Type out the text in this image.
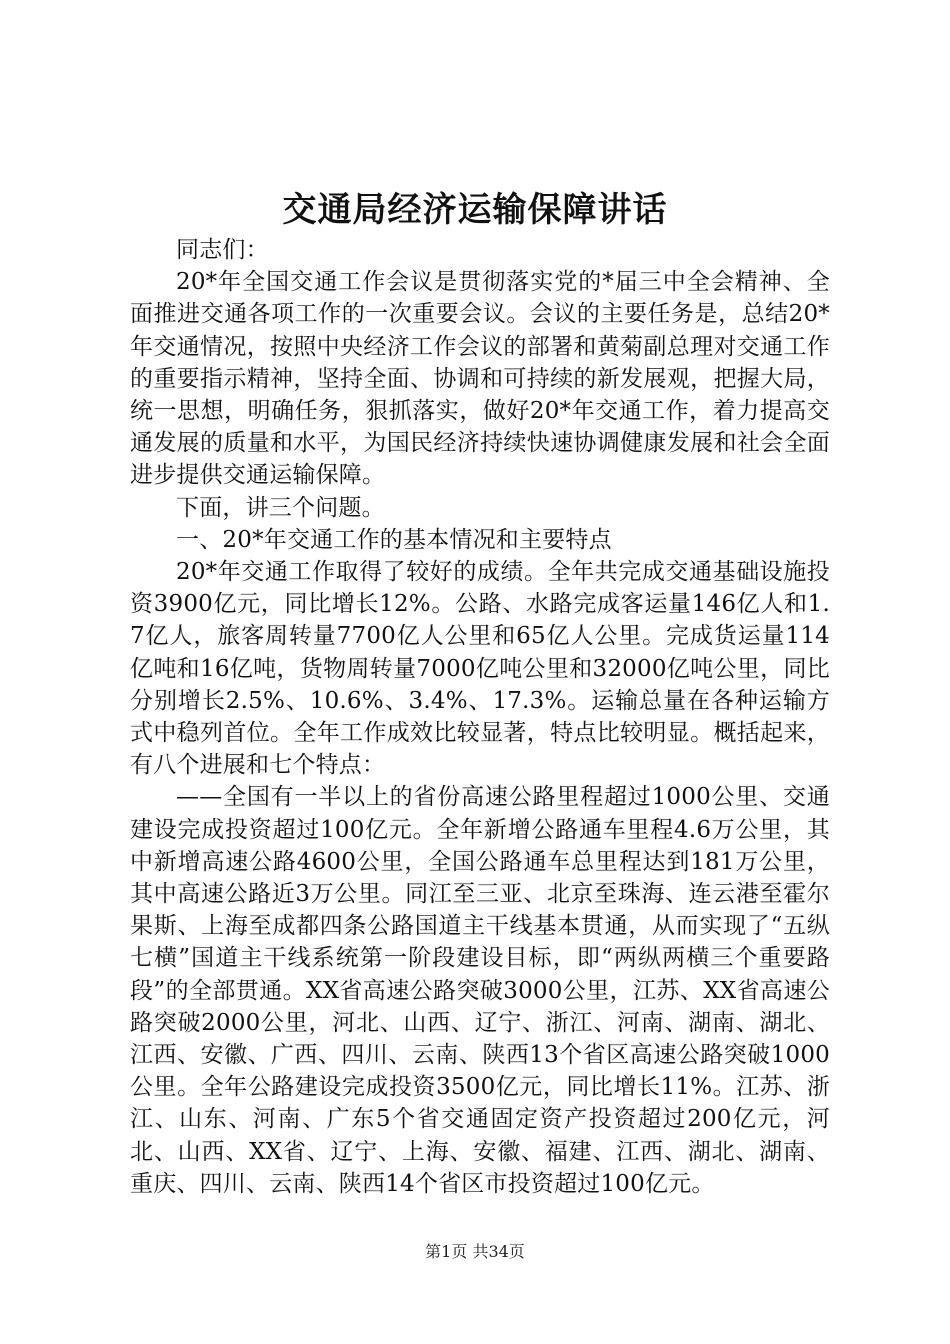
交通局经济运输保障讲话

同志们：

20*年全国交通工作会议是贯彻落实党的*届三中全会精神、全面推进交通各项工作的一次重要会议。会议的主要任务是，总结20*年交通情况，按照中央经济工作会议的部署和黄菊副总理对交通工作的重要指示精神，坚持全面、协调和可持续的新发展观，把握大局，统一思想，明确任务，狠抓落实，做好20*年交通工作，着力提高交通发展的质量和水平，为国民经济持续快速协调健康发展和社会全面进步提供交通运输保障。

下面，讲三个问题。

一、20*年交通工作的基本情况和主要特点

20*年交通工作取得了较好的成绩。全年共完成交通基础设施投资3900亿元，同比增长12%。公路、水路完成客运量146亿人和1.7亿人，旅客周转量7700亿人公里和65亿人公里。完成货运量114亿吨和16亿吨，货物周转量7000亿吨公里和32000亿吨公里，同比分别增长2.5%、10.6%、3.4%、17.3%。运输总量在各种运输方式中稳列首位。全年工作成效比较显著，特点比较明显。概括起来，有八个进展和七个特点：

——全国有一半以上的省份高速公路里程超过1000公里、交通建设完成投资超过100亿元。全年新增公路通车里程4.6万公里，其中新增高速公路4600公里，全国公路通车总里程达到181万公里，其中高速公路近3万公里。同江至三亚、北京至珠海、连云港至霍尔果斯、上海至成都四条公路国道主干线基本贯通，从而实现了“五纵七横”国道主干线系统第一阶段建设目标，即“两纵两横三个重要路段”的全部贯通。XX省高速公路突破3000公里，江苏、XX省高速公路突破2000公里，河北、山西、辽宁、浙江、河南、湖南、湖北、江西、安徽、广西、四川、云南、陕西13个省区高速公路突破1000公里。全年公路建设完成投资3500亿元，同比增长11%。江苏、浙江、山东、河南、广东5个省交通固定资产投资超过200亿元，河北、山西、XX省、辽宁、上海、安徽、福建、江西、湖北、湖南、重庆、四川、云南、陕西14个省区市投资超过100亿元。

第1页 共34页
